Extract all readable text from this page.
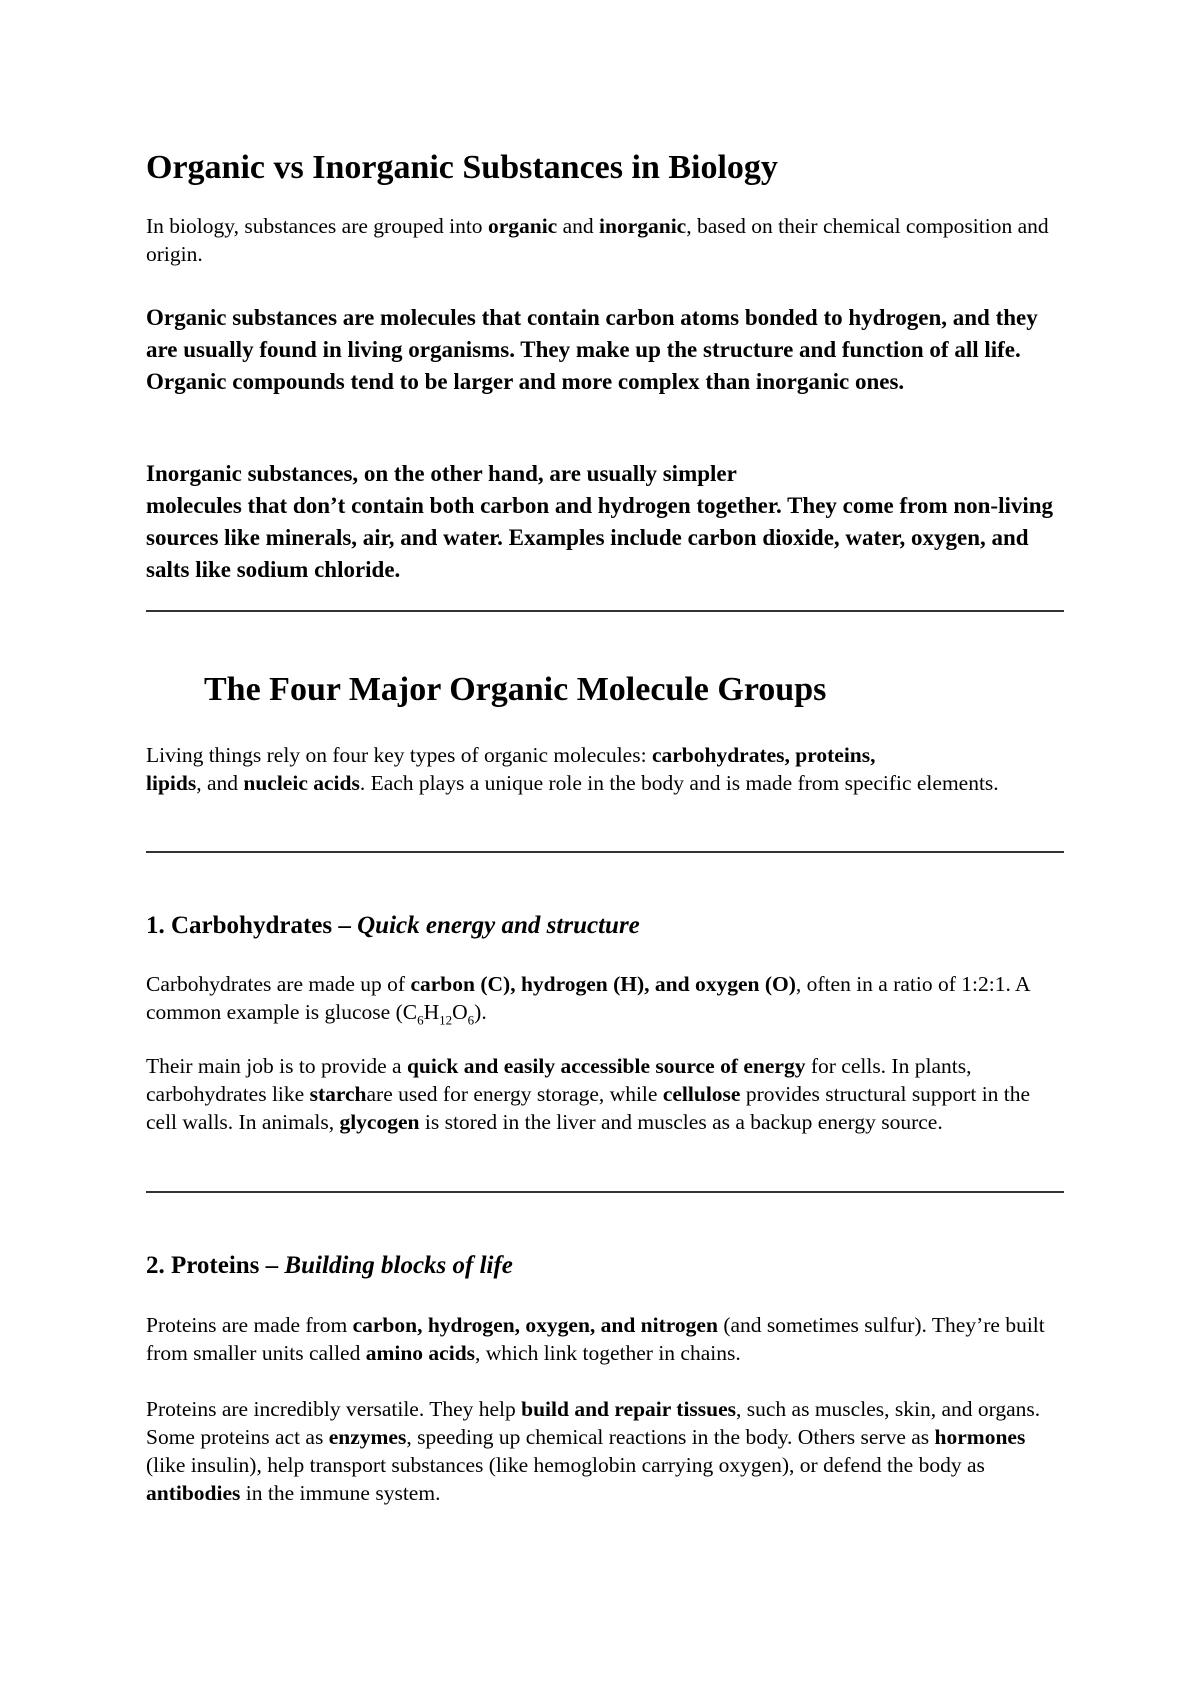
Organic vs Inorganic Substances in Biology

In biology, substances are grouped into organic and inorganic, based on their chemical composition and origin.

Organic substances are molecules that contain carbon atoms bonded to hydrogen, and they are usually found in living organisms. They make up the structure and function of all life. Organic compounds tend to be larger and more complex than inorganic ones.

Inorganic substances, on the other hand, are usually simpler
molecules that don’t contain both carbon and hydrogen together. They come from non-living sources like minerals, air, and water. Examples include carbon dioxide, water, oxygen, and salts like sodium chloride.

The Four Major Organic Molecule Groups

Living things rely on four key types of organic molecules: carbohydrates, proteins,
lipids, and nucleic acids. Each plays a unique role in the body and is made from specific elements.

1. Carbohydrates – Quick energy and structure

Carbohydrates are made up of carbon (C), hydrogen (H), and oxygen (O), often in a ratio of 1:2:1. A common example is glucose $(C_6H_{12}O_6)$.

Their main job is to provide a quick and easily accessible source of energy for cells. In plants, carbohydrates like starchare used for energy storage, while cellulose provides structural support in the cell walls. In animals, glycogen is stored in the liver and muscles as a backup energy source.

2. Proteins – Building blocks of life

Proteins are made from carbon, hydrogen, oxygen, and nitrogen (and sometimes sulfur). They’re built from smaller units called amino acids, which link together in chains.

Proteins are incredibly versatile. They help build and repair tissues, such as muscles, skin, and organs. Some proteins act as enzymes, speeding up chemical reactions in the body. Others serve as hormones (like insulin), help transport substances (like hemoglobin carrying oxygen), or defend the body as antibodies in the immune system.
